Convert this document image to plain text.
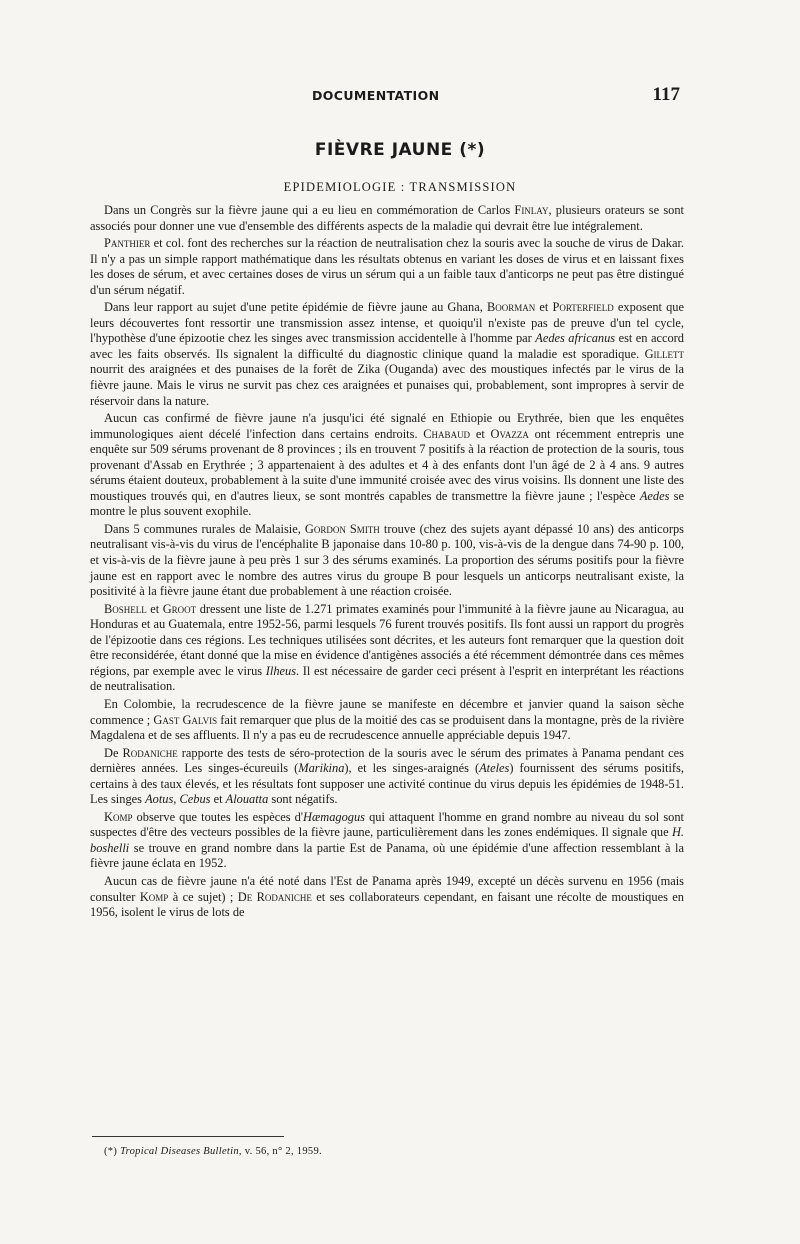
DOCUMENTATION	117
FIÈVRE JAUNE (*)
EPIDEMIOLOGIE : TRANSMISSION

Dans un Congrès sur la fièvre jaune qui a eu lieu en commémoration de Carlos Finlay, plusieurs orateurs se sont associés pour donner une vue d'ensemble des différents aspects de la maladie qui devrait être lue intégralement.

Panthier et col. font des recherches sur la réaction de neutralisation chez la souris avec la souche de virus de Dakar. Il n'y a pas un simple rapport mathématique dans les résultats obtenus en variant les doses de virus et en laissant fixes les doses de sérum, et avec certaines doses de virus un sérum qui a un faible taux d'anticorps ne peut pas être distingué d'un sérum négatif.

Dans leur rapport au sujet d'une petite épidémie de fièvre jaune au Ghana, Boorman et Porterfield exposent que leurs découvertes font ressortir une transmission assez intense, et quoiqu'il n'existe pas de preuve d'un tel cycle, l'hypothèse d'une épizootie chez les singes avec transmission accidentelle à l'homme par Aedes africanus est en accord avec les faits observés. Ils signalent la difficulté du diagnostic clinique quand la maladie est sporadique. Gillett nourrit des araignées et des punaises de la forêt de Zika (Ouganda) avec des moustiques infectés par le virus de la fièvre jaune. Mais le virus ne survit pas chez ces araignées et punaises qui, probablement, sont impropres à servir de réservoir dans la nature.

Aucun cas confirmé de fièvre jaune n'a jusqu'ici été signalé en Ethiopie ou Erythrée, bien que les enquêtes immunologiques aient décelé l'infection dans certains endroits. Chabaud et Ovazza ont récemment entrepris une enquête sur 509 sérums provenant de 8 provinces ; ils en trouvent 7 positifs à la réaction de protection de la souris, tous provenant d'Assab en Erythrée ; 3 appartenaient à des adultes et 4 à des enfants dont l'un âgé de 2 à 4 ans. 9 autres sérums étaient douteux, probablement à la suite d'une immunité croisée avec des virus voisins. Ils donnent une liste des moustiques trouvés qui, en d'autres lieux, se sont montrés capables de transmettre la fièvre jaune ; l'espèce Aedes se montre le plus souvent exophile.

Dans 5 communes rurales de Malaisie, Gordon Smith trouve (chez des sujets ayant dépassé 10 ans) des anticorps neutralisant vis-à-vis du virus de l'encéphalite B japonaise dans 10-80 p. 100, vis-à-vis de la dengue dans 74-90 p. 100, et vis-à-vis de la fièvre jaune à peu près 1 sur 3 des sérums examinés. La proportion des sérums positifs pour la fièvre jaune est en rapport avec le nombre des autres virus du groupe B pour lesquels un anticorps neutralisant existe, la positivité à la fièvre jaune étant due probablement à une réaction croisée.

Boshell et Groot dressent une liste de 1.271 primates examinés pour l'immunité à la fièvre jaune au Nicaragua, au Honduras et au Guatemala, entre 1952-56, parmi lesquels 76 furent trouvés positifs. Ils font aussi un rapport du progrès de l'épizootie dans ces régions. Les techniques utilisées sont décrites, et les auteurs font remarquer que la question doit être reconsidérée, étant donné que la mise en évidence d'antigènes associés a été récemment démontrée dans ces mêmes régions, par exemple avec le virus Ilheus. Il est nécessaire de garder ceci présent à l'esprit en interprétant les réactions de neutralisation.

En Colombie, la recrudescence de la fièvre jaune se manifeste en décembre et janvier quand la saison sèche commence ; Gast Galvis fait remarquer que plus de la moitié des cas se produisent dans la montagne, près de la rivière Magdalena et de ses affluents. Il n'y a pas eu de recrudescence annuelle appréciable depuis 1947.

De Rodaniche rapporte des tests de séro-protection de la souris avec le sérum des primates à Panama pendant ces dernières années. Les singes-écureuils (Marikina), et les singes-araignés (Ateles) fournissent des sérums positifs, certains à des taux élevés, et les résultats font supposer une activité continue du virus depuis les épidémies de 1948-51. Les singes Aotus, Cebus et Alouatta sont négatifs.

Komp observe que toutes les espèces d'Hæmagogus qui attaquent l'homme en grand nombre au niveau du sol sont suspectes d'être des vecteurs possibles de la fièvre jaune, particulièrement dans les zones endémiques. Il signale que H. boshelli se trouve en grand nombre dans la partie Est de Panama, où une épidémie d'une affection ressemblant à la fièvre jaune éclata en 1952.

Aucun cas de fièvre jaune n'a été noté dans l'Est de Panama après 1949, excepté un décès survenu en 1956 (mais consulter Komp à ce sujet) ; De Rodaniche et ses collaborateurs cependant, en faisant une récolte de moustiques en 1956, isolent le virus de lots de

(*) Tropical Diseases Bulletin, v. 56, n° 2, 1959.
